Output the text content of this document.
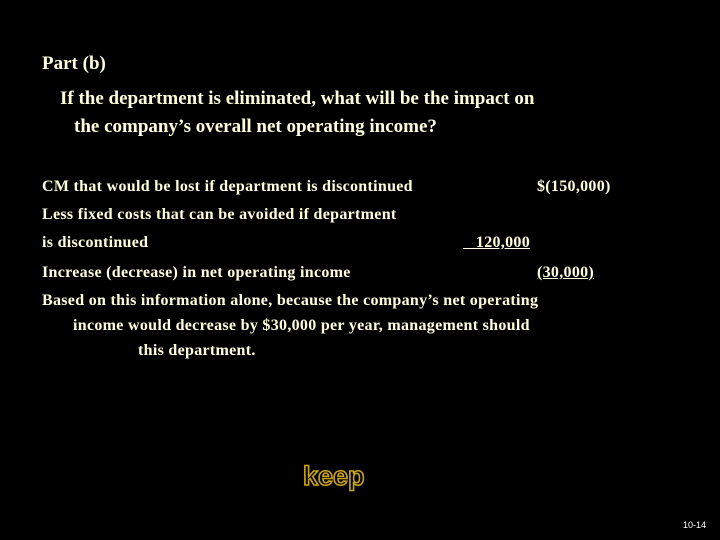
Part (b)
If the department is eliminated, what will be the impact on
the company’s overall net operating income?
CM that would be lost if department is discontinued	$(150,000)
Less fixed costs that can be avoided if department
is discontinued	120,000
Increase (decrease) in net operating income	(30,000)
Based on this information alone, because the company’s net operating
income would decrease by $30,000 per year, management should
this department.
keep
10-14
